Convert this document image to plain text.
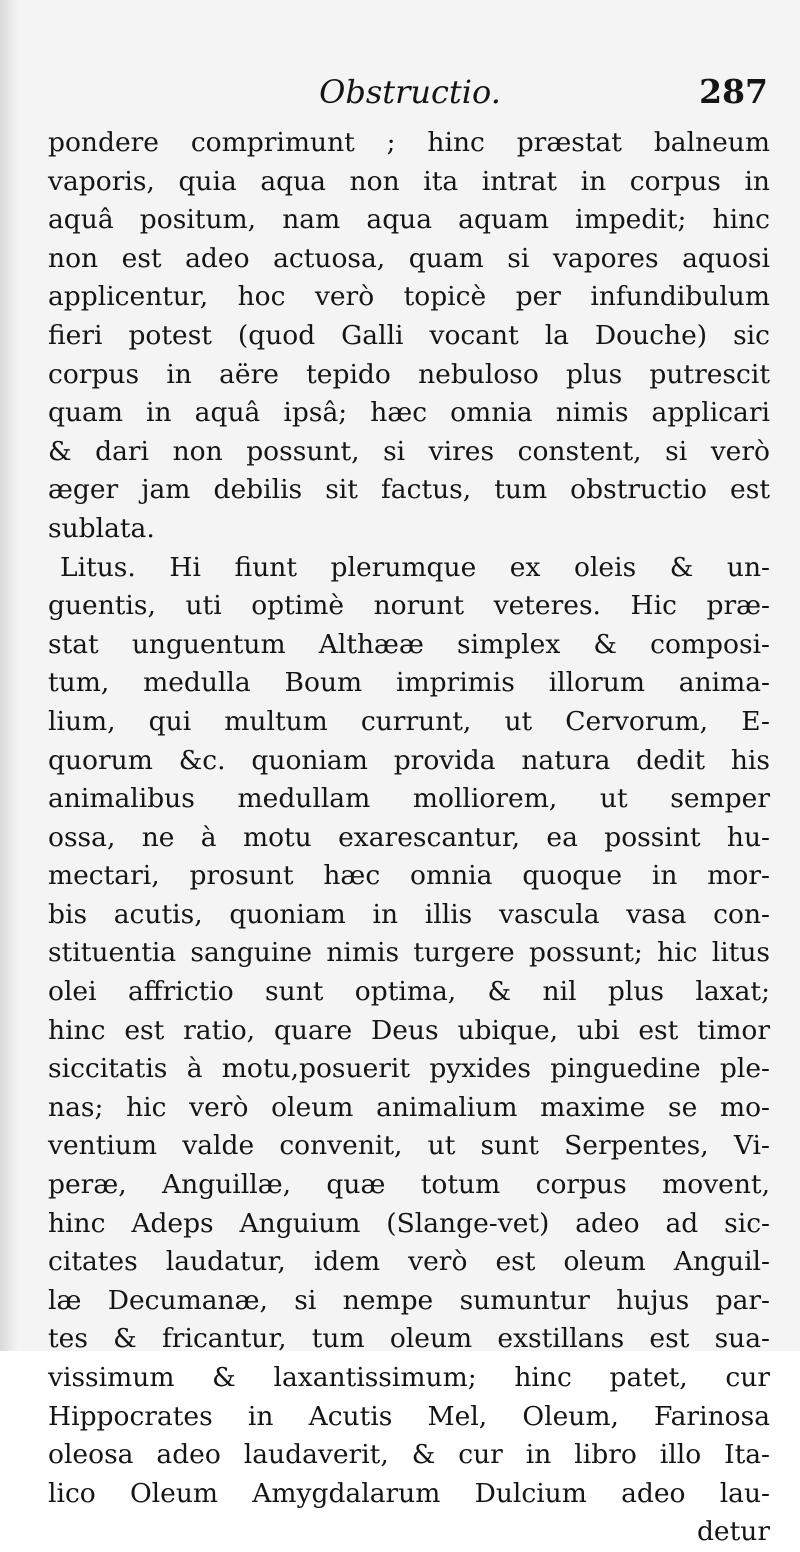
Obstructio.	287
pondere comprimunt ; hinc præstat balneum
vaporis, quia aqua non ita intrat in corpus in
aquâ positum, nam aqua aquam impedit; hinc
non est adeo actuosa, quam si vapores aquosi
applicentur, hoc verò topicè per infundibulum
fieri potest (quod Galli vocant la Douche) sic
corpus in aëre tepido nebuloso plus putrescit
quam in aquâ ipsâ; hæc omnia nimis applicari
& dari non possunt, si vires constent, si verò
æger jam debilis sit factus, tum obstructio est
sublata.
Litus. Hi fiunt plerumque ex oleis & un-
guentis, uti optimè norunt veteres. Hic præ-
stat unguentum Althææ simplex & composi-
tum, medulla Boum imprimis illorum anima-
lium, qui multum currunt, ut Cervorum, E-
quorum &c. quoniam provida natura dedit his
animalibus medullam molliorem, ut semper
ossa, ne à motu exarescantur, ea possint hu-
mectari, prosunt hæc omnia quoque in mor-
bis acutis, quoniam in illis vascula vasa con-
stituentia sanguine nimis turgere possunt; hic litus
olei affrictio sunt optima, & nil plus laxat;
hinc est ratio, quare Deus ubique, ubi est timor
siccitatis à motu,posuerit pyxides pinguedine ple-
nas; hic verò oleum animalium maxime se mo-
ventium valde convenit, ut sunt Serpentes, Vi-
peræ, Anguillæ, quæ totum corpus movent,
hinc Adeps Anguium (Slange-vet) adeo ad sic-
citates laudatur, idem verò est oleum Anguil-
læ Decumanæ, si nempe sumuntur hujus par-
tes & fricantur, tum oleum exstillans est sua-
vissimum & laxantissimum; hinc patet, cur
Hippocrates in Acutis Mel, Oleum, Farinosa
oleosa adeo laudaverit, & cur in libro illo Ita-
lico Oleum Amygdalarum Dulcium adeo lau-
detur
